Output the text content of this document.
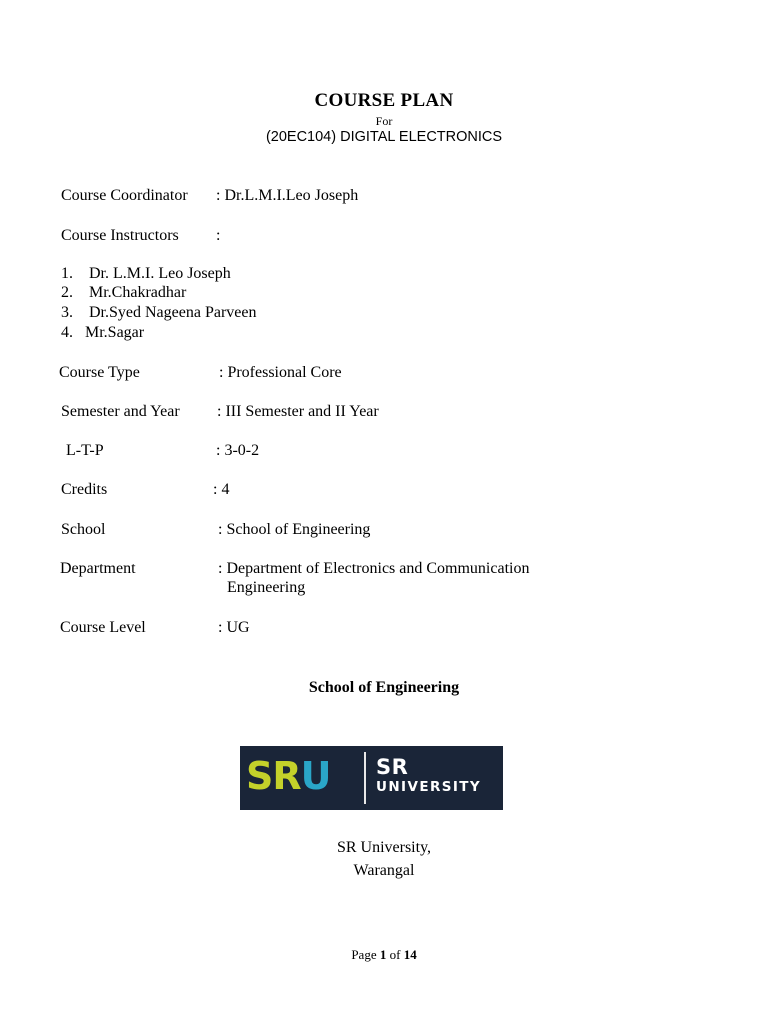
COURSE PLAN
For
(20EC104) DIGITAL ELECTRONICS
Course Coordinator : Dr.L.M.I.Leo Joseph
Course Instructors :
1. Dr. L.M.I. Leo Joseph
2. Mr.Chakradhar
3. Dr.Syed Nageena Parveen
4. Mr.Sagar
Course Type	: Professional Core
Semester and Year : III Semester and II Year
L-T-P	: 3-0-2
Credits	: 4
School	: School of Engineering
Department	: Department of Electronics and Communication
Engineering
Course Level	: UG
School of Engineering
SRU SR
UNIVERSITY
SR University,
Warangal
Page 1 of 14
